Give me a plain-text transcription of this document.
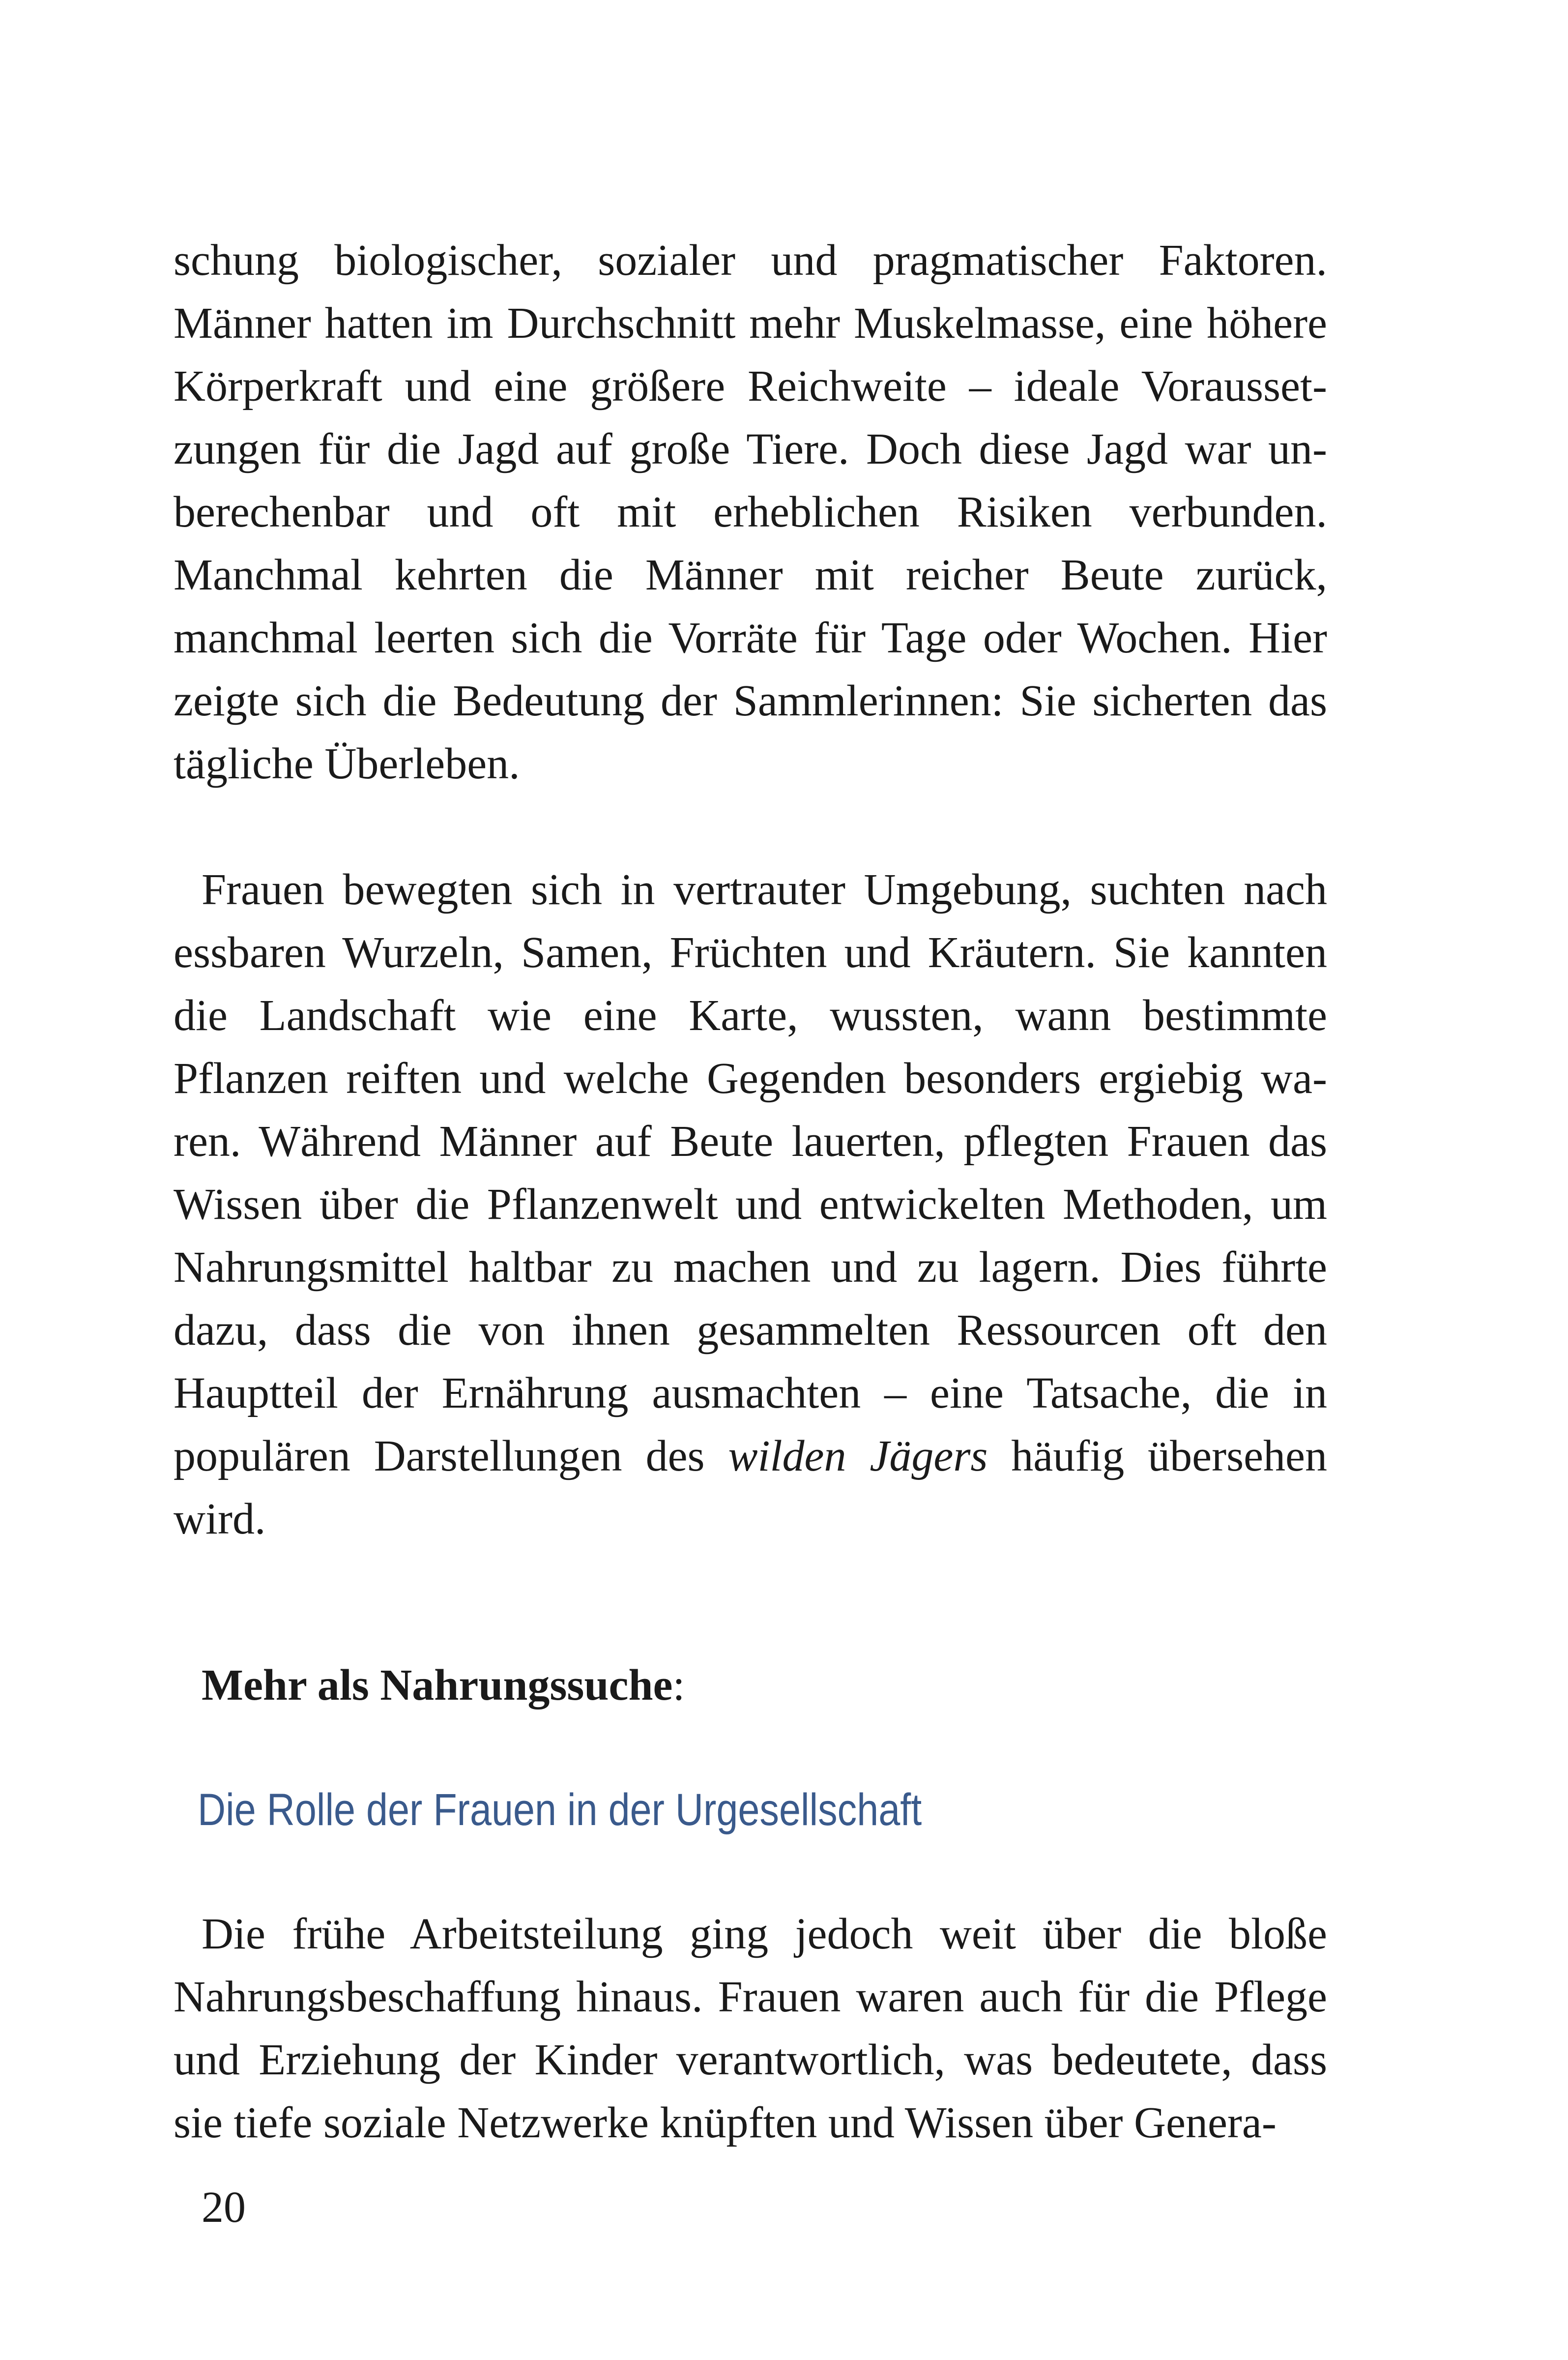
schung biologischer, sozialer und pragmatischer Faktoren. Männer hatten im Durchschnitt mehr Muskelmasse, eine höhere Körperkraft und eine größere Reichweite – ideale Voraussetzungen für die Jagd auf große Tiere. Doch diese Jagd war unberechenbar und oft mit erheblichen Risiken verbunden. Manchmal kehrten die Männer mit reicher Beute zurück, manchmal leerten sich die Vorräte für Tage oder Wochen. Hier zeigte sich die Bedeutung der Sammlerinnen: Sie sicherten das tägliche Überleben.

Frauen bewegten sich in vertrauter Umgebung, suchten nach essbaren Wurzeln, Samen, Früchten und Kräutern. Sie kannten die Landschaft wie eine Karte, wussten, wann bestimmte Pflanzen reiften und welche Gegenden besonders ergiebig waren. Während Männer auf Beute lauerten, pflegten Frauen das Wissen über die Pflanzenwelt und entwickelten Methoden, um Nahrungsmittel haltbar zu machen und zu lagern. Dies führte dazu, dass die von ihnen gesammelten Ressourcen oft den Hauptteil der Ernährung ausmachten – eine Tatsache, die in populären Darstellungen des wilden Jägers häufig übersehen wird.

Mehr als Nahrungssuche:

Die Rolle der Frauen in der Urgesellschaft

Die frühe Arbeitsteilung ging jedoch weit über die bloße Nahrungsbeschaffung hinaus. Frauen waren auch für die Pflege und Erziehung der Kinder verantwortlich, was bedeutete, dass sie tiefe soziale Netzwerke knüpften und Wissen über Genera-

20
